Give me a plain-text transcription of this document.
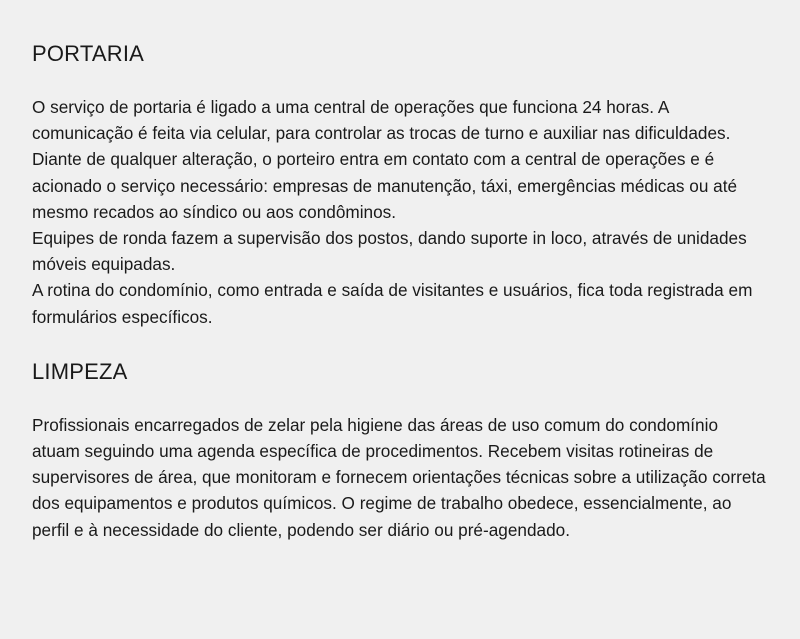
PORTARIA

O serviço de portaria é ligado a uma central de operações que funciona 24 horas. A comunicação é feita via celular, para controlar as trocas de turno e auxiliar nas dificuldades.

Diante de qualquer alteração, o porteiro entra em contato com a central de operações e é acionado o serviço necessário: empresas de manutenção, táxi, emergências médicas ou até mesmo recados ao síndico ou aos condôminos.

Equipes de ronda fazem a supervisão dos postos, dando suporte in loco, através de unidades móveis equipadas.

A rotina do condomínio, como entrada e saída de visitantes e usuários, fica toda registrada em formulários específicos.

LIMPEZA

Profissionais encarregados de zelar pela higiene das áreas de uso comum do condomínio atuam seguindo uma agenda específica de procedimentos. Recebem visitas rotineiras de supervisores de área, que monitoram e fornecem orientações técnicas sobre a utilização correta dos equipamentos e produtos químicos. O regime de trabalho obedece, essencialmente, ao perfil e à necessidade do cliente, podendo ser diário ou pré-agendado.
